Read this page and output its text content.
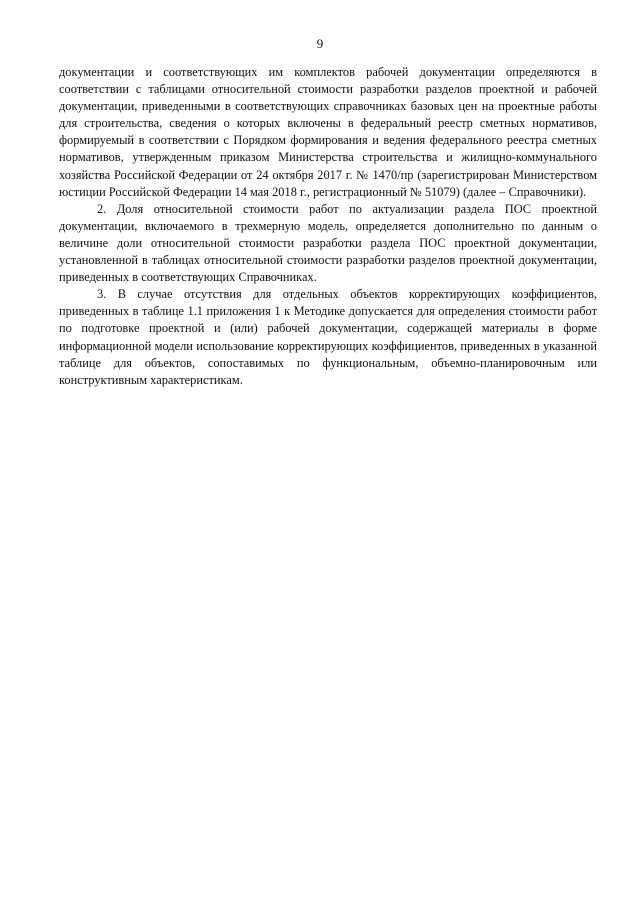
9

документации и соответствующих им комплектов рабочей документации определяются в соответствии с таблицами относительной стоимости разработки разделов проектной и рабочей документации, приведенными в соответствующих справочниках базовых цен на проектные работы для строительства, сведения о которых включены в федеральный реестр сметных нормативов, формируемый в соответствии с Порядком формирования и ведения федерального реестра сметных нормативов, утвержденным приказом Министерства строительства и жилищно-коммунального хозяйства Российской Федерации от 24 октября 2017 г. № 1470/пр (зарегистрирован Министерством юстиции Российской Федерации 14 мая 2018 г., регистрационный № 51079) (далее – Справочники).

2. Доля относительной стоимости работ по актуализации раздела ПОС проектной документации, включаемого в трехмерную модель, определяется дополнительно по данным о величине доли относительной стоимости разработки раздела ПОС проектной документации, установленной в таблицах относительной стоимости разработки разделов проектной документации, приведенных в соответствующих Справочниках.

3. В случае отсутствия для отдельных объектов корректирующих коэффициентов, приведенных в таблице 1.1 приложения 1 к Методике допускается для определения стоимости работ по подготовке проектной и (или) рабочей документации, содержащей материалы в форме информационной модели использование корректирующих коэффициентов, приведенных в указанной таблице для объектов, сопоставимых по функциональным, объемно-планировочным или конструктивным характеристикам.
